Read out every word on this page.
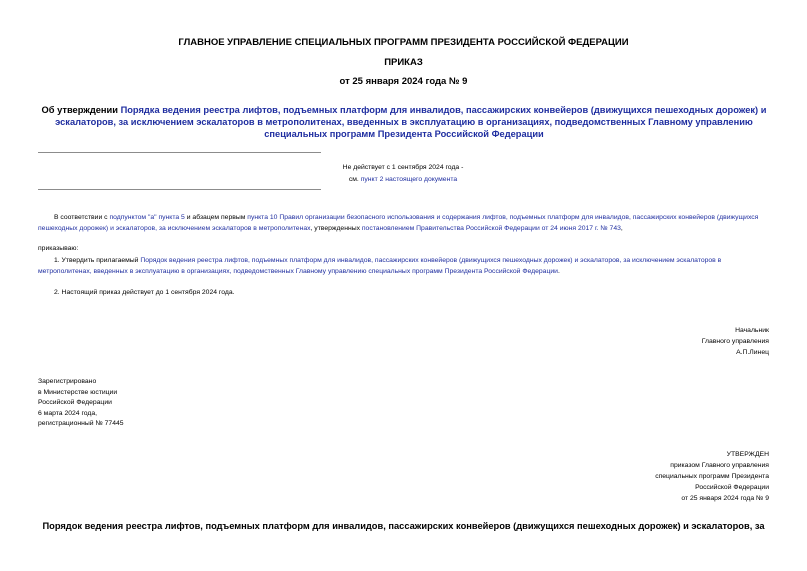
ГЛАВНОЕ УПРАВЛЕНИЕ СПЕЦИАЛЬНЫХ ПРОГРАММ ПРЕЗИДЕНТА РОССИЙСКОЙ ФЕДЕРАЦИИ
ПРИКАЗ
от 25 января 2024 года № 9
Об утверждении Порядка ведения реестра лифтов, подъемных платформ для инвалидов, пассажирских конвейеров (движущихся пешеходных дорожек) и эскалаторов, за исключением эскалаторов в метрополитенах, введенных в эксплуатацию в организациях, подведомственных Главному управлению специальных программ Президента Российской Федерации
Не действует с 1 сентября 2024 года -
см. пункт 2 настоящего документа
В соответствии с подпунктом "а" пункта 5 и абзацем первым пункта 10 Правил организации безопасного использования и содержания лифтов, подъемных платформ для инвалидов, пассажирских конвейеров (движущихся пешеходных дорожек) и эскалаторов, за исключением эскалаторов в метрополитенах, утвержденных постановлением Правительства Российской Федерации от 24 июня 2017 г. № 743,
приказываю:
1. Утвердить прилагаемый Порядок ведения реестра лифтов, подъемных платформ для инвалидов, пассажирских конвейеров (движущихся пешеходных дорожек) и эскалаторов, за исключением эскалаторов в метрополитенах, введенных в эксплуатацию в организациях, подведомственных Главному управлению специальных программ Президента Российской Федерации.
2. Настоящий приказ действует до 1 сентября 2024 года.
Начальник
Главного управления
А.П.Линец
Зарегистрировано
в Министерстве юстиции
Российской Федерации
6 марта 2024 года,
регистрационный № 77445
УТВЕРЖДЕН
приказом Главного управления
специальных программ Президента
Российской Федерации
от 25 января 2024 года № 9
Порядок ведения реестра лифтов, подъемных платформ для инвалидов, пассажирских конвейеров (движущихся пешеходных дорожек) и эскалаторов, за
